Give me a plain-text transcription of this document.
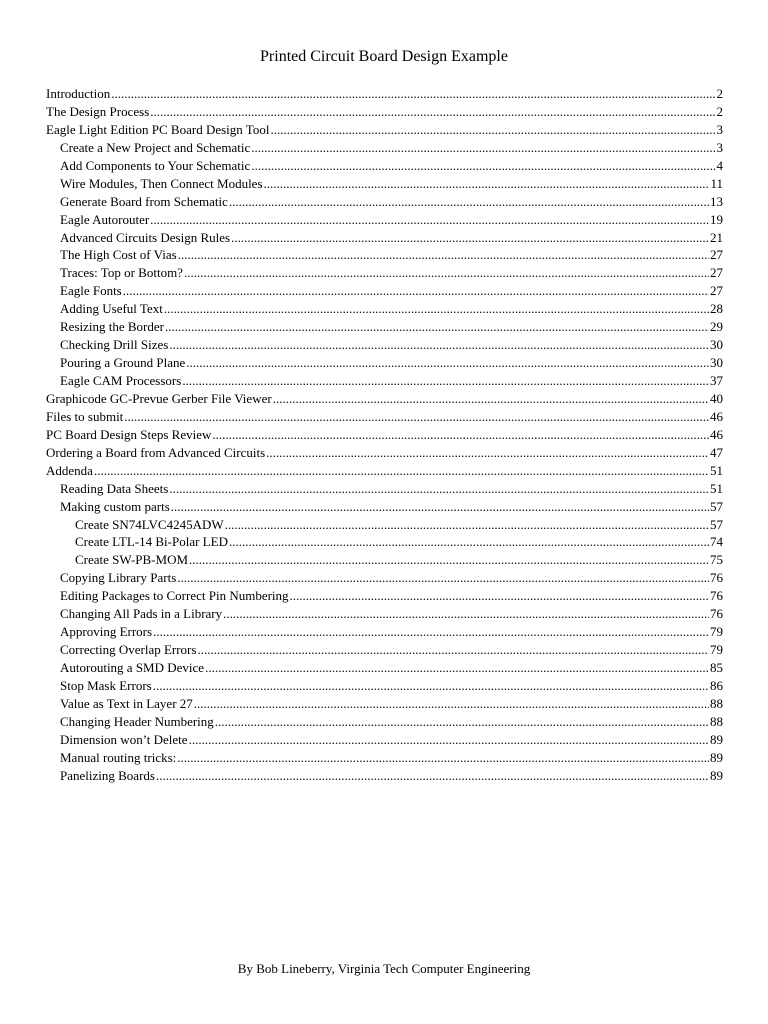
Printed Circuit Board Design Example
Introduction .....	2
The Design Process .....	2
Eagle Light Edition PC Board Design Tool .....	3
Create a New Project and Schematic .....	3
Add Components to Your Schematic .....	4
Wire Modules, Then Connect Modules .....	11
Generate Board from Schematic .....	13
Eagle Autorouter .....	19
Advanced Circuits Design Rules .....	21
The High Cost of Vias .....	27
Traces: Top or Bottom? .....	27
Eagle Fonts .....	27
Adding Useful Text .....	28
Resizing the Border .....	29
Checking Drill Sizes .....	30
Pouring a Ground Plane .....	30
Eagle CAM Processors .....	37
Graphicode GC-Prevue Gerber File Viewer .....	40
Files to submit .....	46
PC Board Design Steps Review .....	46
Ordering a Board from Advanced Circuits .....	47
Addenda .....	51
Reading Data Sheets .....	51
Making custom parts .....	57
Create SN74LVC4245ADW .....	57
Create LTL-14 Bi-Polar LED .....	74
Create SW-PB-MOM .....	75
Copying Library Parts .....	76
Editing Packages to Correct Pin Numbering .....	76
Changing All Pads in a Library .....	76
Approving Errors .....	79
Correcting Overlap Errors .....	79
Autorouting a SMD Device .....	85
Stop Mask Errors .....	86
Value as Text in Layer 27 .....	88
Changing Header Numbering .....	88
Dimension won’t Delete .....	89
Manual routing tricks: .....	89
Panelizing Boards .....	89
By Bob Lineberry, Virginia Tech Computer Engineering
